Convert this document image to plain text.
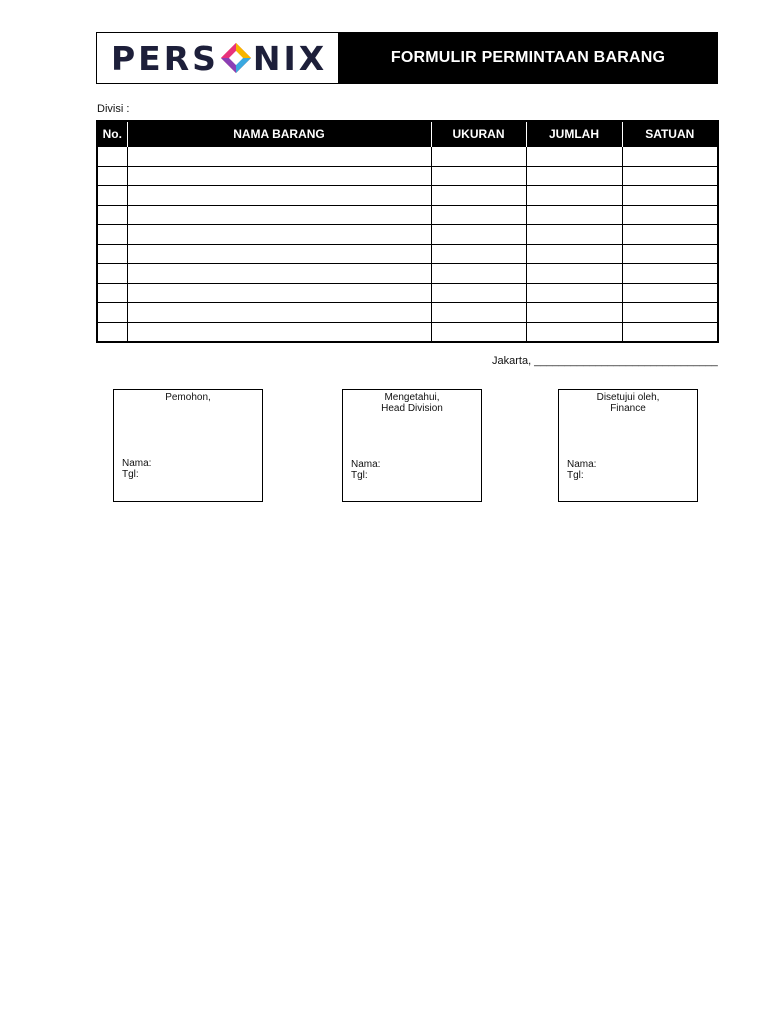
PERS NIX	FORMULIR PERMINTAAN BARANG
Divisi :
No.	NAMA BARANG	UKURAN	JUMLAH	SATUAN

Jakarta, ______________________________
Pemohon,
Nama:
Tgl:
Mengetahui,
Head Division
Nama:
Tgl:
Disetujui oleh,
Finance
Nama:
Tgl:
